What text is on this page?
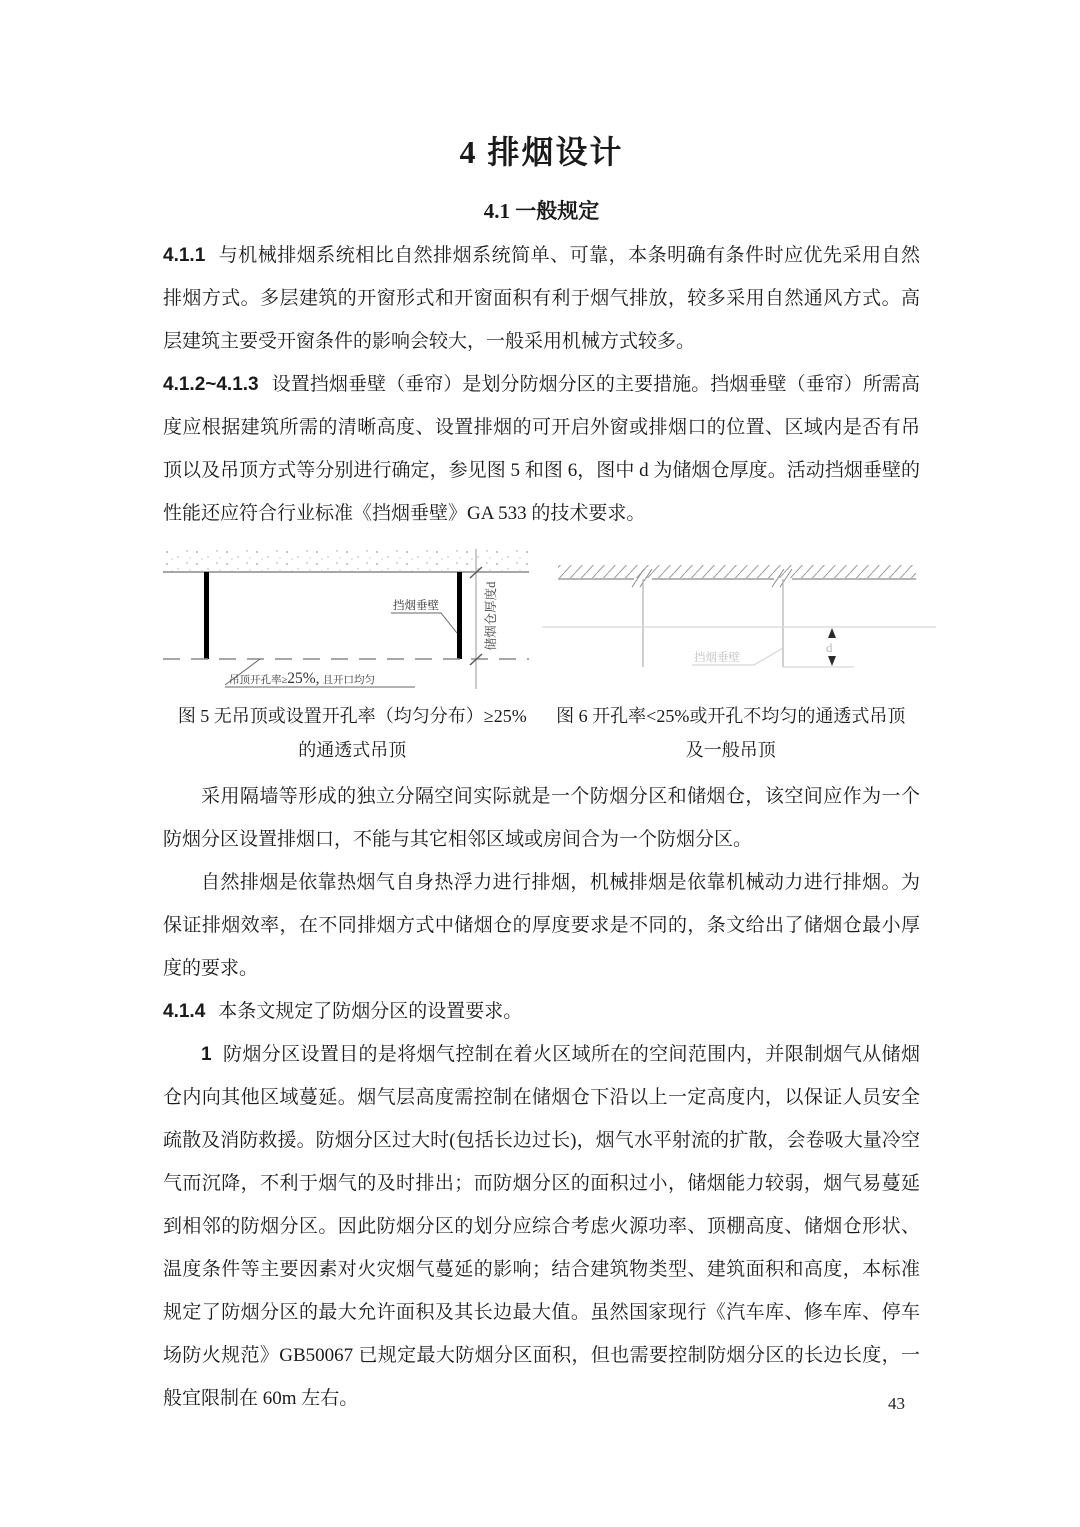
4 排烟设计
4.1 一般规定

4.1.1 与机械排烟系统相比自然排烟系统简单、可靠，本条明确有条件时应优先采用自然排烟方式。多层建筑的开窗形式和开窗面积有利于烟气排放，较多采用自然通风方式。高层建筑主要受开窗条件的影响会较大，一般采用机械方式较多。

4.1.2~4.1.3 设置挡烟垂壁（垂帘）是划分防烟分区的主要措施。挡烟垂壁（垂帘）所需高度应根据建筑所需的清晰高度、设置排烟的可开启外窗或排烟口的位置、区域内是否有吊顶以及吊顶方式等分别进行确定，参见图 5 和图 6，图中 d 为储烟仓厚度。活动挡烟垂壁的性能还应符合行业标准《挡烟垂壁》GA 533 的技术要求。

储烟仓厚度d
挡烟垂壁
吊顶开孔率≥25%, 且开口均匀
图 5 无吊顶或设置开孔率（均匀分布）≥25%
的通透式吊顶
d
挡烟垂壁
图 6 开孔率<25%或开孔不均匀的通透式吊顶
及一般吊顶

采用隔墙等形成的独立分隔空间实际就是一个防烟分区和储烟仓，该空间应作为一个防烟分区设置排烟口，不能与其它相邻区域或房间合为一个防烟分区。

自然排烟是依靠热烟气自身热浮力进行排烟，机械排烟是依靠机械动力进行排烟。为保证排烟效率，在不同排烟方式中储烟仓的厚度要求是不同的，条文给出了储烟仓最小厚度的要求。

4.1.4 本条文规定了防烟分区的设置要求。

1 防烟分区设置目的是将烟气控制在着火区域所在的空间范围内，并限制烟气从储烟仓内向其他区域蔓延。烟气层高度需控制在储烟仓下沿以上一定高度内，以保证人员安全疏散及消防救援。防烟分区过大时(包括长边过长)，烟气水平射流的扩散，会卷吸大量冷空气而沉降，不利于烟气的及时排出；而防烟分区的面积过小，储烟能力较弱，烟气易蔓延到相邻的防烟分区。因此防烟分区的划分应综合考虑火源功率、顶棚高度、储烟仓形状、温度条件等主要因素对火灾烟气蔓延的影响；结合建筑物类型、建筑面积和高度，本标准规定了防烟分区的最大允许面积及其长边最大值。虽然国家现行《汽车库、修车库、停车场防火规范》GB50067 已规定最大防烟分区面积，但也需要控制防烟分区的长边长度，一般宜限制在 60m 左右。	43
